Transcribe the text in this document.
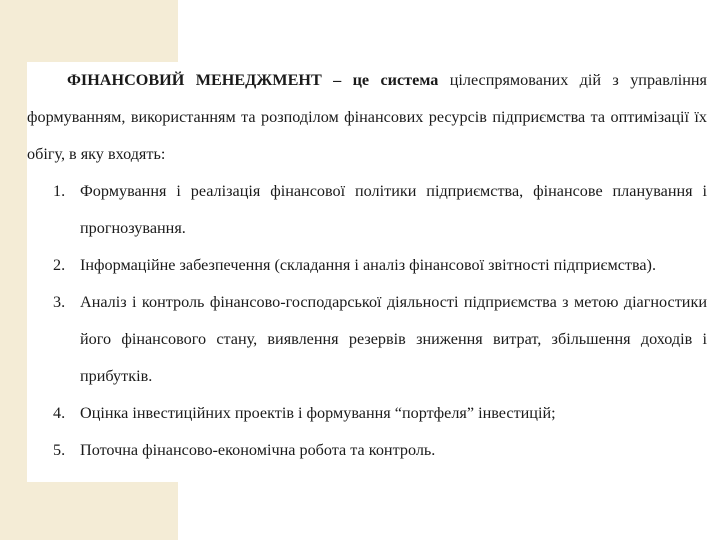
ФІНАНСОВИЙ МЕНЕДЖМЕНТ – це система цілеспрямованих дій з управління формуванням, використанням та розподілом фінансових ресурсів підприємства та оптимізації їх обігу, в яку входять:

1. Формування і реалізація фінансової політики підприємства, фінансове планування і прогнозування.
2. Інформаційне забезпечення (складання і аналіз фінансової звітності підприємства).
3. Аналіз і контроль фінансово-господарської діяльності підприємства з метою діагностики його фінансового стану, виявлення резервів зниження витрат, збільшення доходів і прибутків.
4. Оцінка інвестиційних проектів і формування “портфеля” інвестицій;
5. Поточна фінансово-економічна робота та контроль.
